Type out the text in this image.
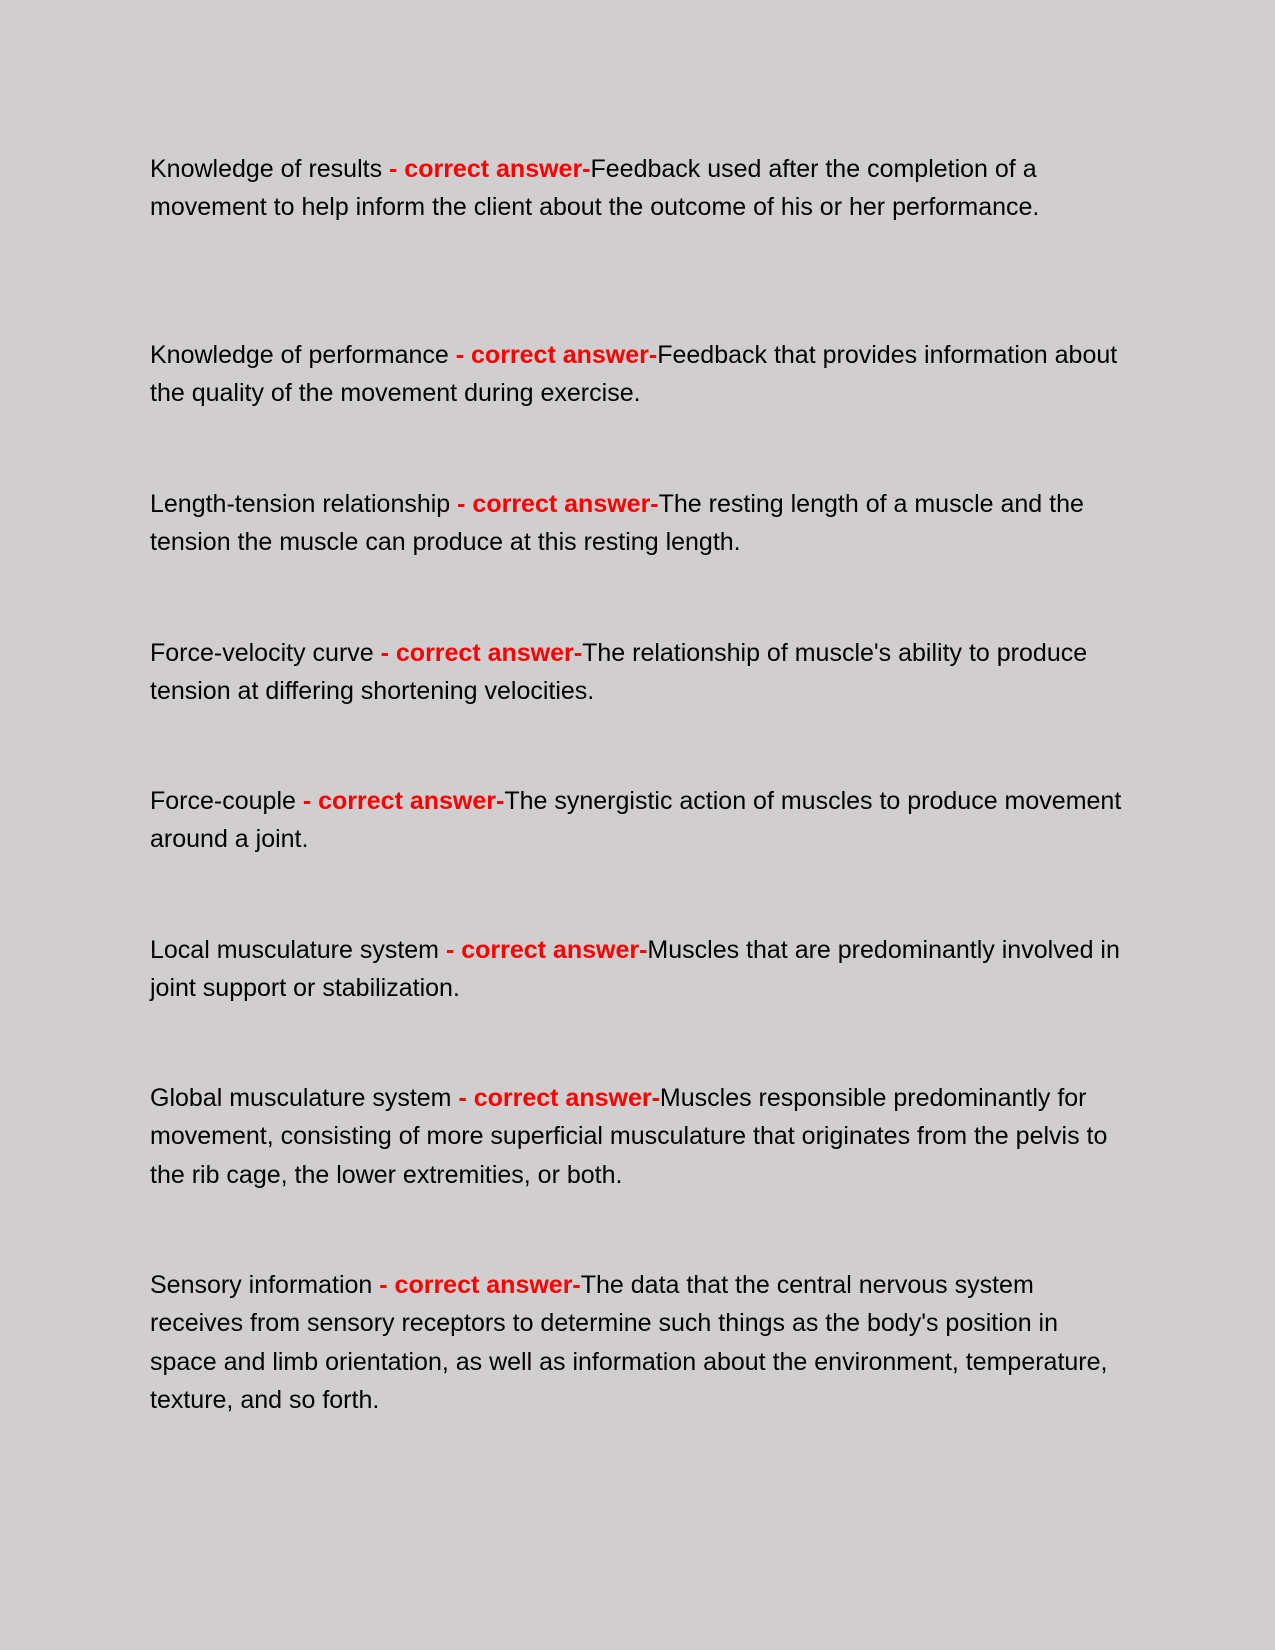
Knowledge of results - correct answer-Feedback used after the completion of a movement to help inform the client about the outcome of his or her performance.

Knowledge of performance - correct answer-Feedback that provides information about the quality of the movement during exercise.

Length-tension relationship - correct answer-The resting length of a muscle and the tension the muscle can produce at this resting length.

Force-velocity curve - correct answer-The relationship of muscle's ability to produce tension at differing shortening velocities.

Force-couple - correct answer-The synergistic action of muscles to produce movement around a joint.

Local musculature system - correct answer-Muscles that are predominantly involved in joint support or stabilization.

Global musculature system - correct answer-Muscles responsible predominantly for movement, consisting of more superficial musculature that originates from the pelvis to the rib cage, the lower extremities, or both.

Sensory information - correct answer-The data that the central nervous system receives from sensory receptors to determine such things as the body's position in space and limb orientation, as well as information about the environment, temperature, texture, and so forth.
